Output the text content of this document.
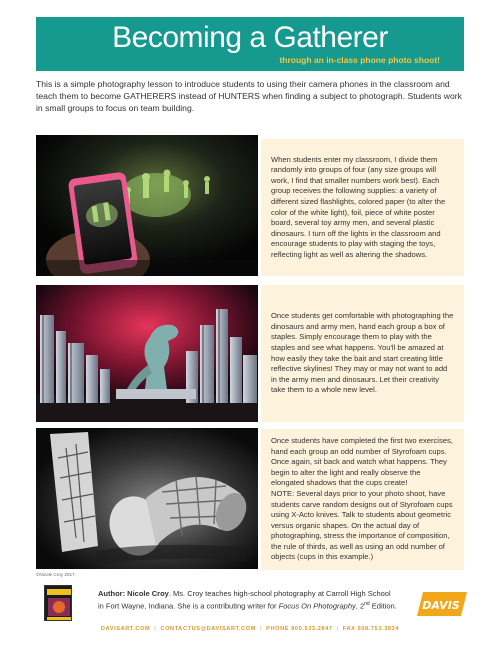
Becoming a Gatherer
through an in-class phone photo shoot!

This is a simple photography lesson to introduce students to using their camera phones in the classroom and teach them to become GATHERERS instead of HUNTERS when finding a subject to photograph. Students work in small groups to focus on team building.

When students enter my classroom, I divide them randomly into groups of four (any size groups will work, I find that smaller numbers work best). Each group receives the following supplies: a variety of different sized flashlights, colored paper (to alter the color of the white light), foil, piece of white poster board, several toy army men, and several plastic dinosaurs. I turn off the lights in the classroom and encourage students to play with staging the toys, reflecting light as well as altering the shadows.

Once students get comfortable with photographing the dinosaurs and army men, hand each group a box of staples. Simply encourage them to play with the staples and see what happens. You'll be amazed at how easily they take the bait and start creating little reflective skylines! They may or may not want to add in the army men and dinosaurs. Let their creativity take them to a whole new level.

Once students have completed the first two exercises, hand each group an odd number of Styrofoam cups. Once again, sit back and watch what happens. They begin to alter the light and really observe the elongated shadows that the cups create!
NOTE: Several days prior to your photo shoot, have students carve random designs out of Styrofoam cups using X-Acto knives. Talk to students about geometric versus organic shapes. On the actual day of photographing, stress the importance of composition, the rule of thirds, as well as using an odd number of objects (cups in this example.)

©Nicole Croy 2017.

Author: Nicole Croy. Ms. Croy teaches high-school photography at Carroll High School in Fort Wayne, Indiana. She is a contributing writer for Focus On Photography, 2nd Edition. DAVIS
DAVISART.COM | CONTACTUS@DAVISART.COM | PHONE 800.533.2847 | FAX 508.753.3834
